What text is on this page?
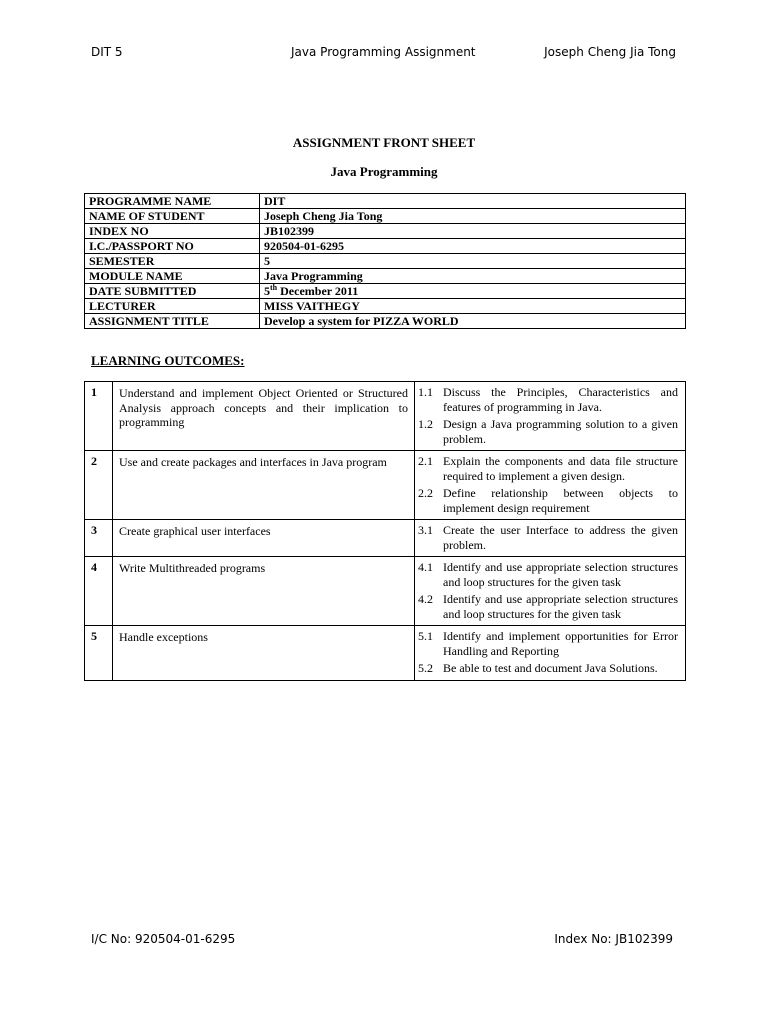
DIT 5	Java Programming Assignment	Joseph Cheng Jia Tong
ASSIGNMENT FRONT SHEET
Java Programming
PROGRAMME NAME	DIT
NAME OF STUDENT	Joseph Cheng Jia Tong
INDEX NO	JB102399
I.C./PASSPORT NO	920504-01-6295
SEMESTER	5
MODULE NAME	Java Programming
DATE SUBMITTED	5th December 2011
LECTURER	MISS VAITHEGY
ASSIGNMENT TITLE	Develop a system for PIZZA WORLD
LEARNING OUTCOMES:
1	Understand and implement Object Oriented or Structured Analysis approach concepts and their implication to programming	1.1 Discuss the Principles, Characteristics and features of programming in Java.
1.2 Design a Java programming solution to a given problem.

2	Use and create packages and interfaces in Java program	2.1 Explain the components and data file structure required to implement a given design.
2.2 Define relationship between objects to implement design requirement

3	Create graphical user interfaces	3.1 Create the user Interface to address the given problem.

4	Write Multithreaded programs	4.1 Identify and use appropriate selection structures and loop structures for the given task
4.2 Identify and use appropriate selection structures and loop structures for the given task

5	Handle exceptions	5.1 Identify and implement opportunities for Error Handling and Reporting
5.2 Be able to test and document Java Solutions.
I/C No: 920504-01-6295	Index No: JB102399
